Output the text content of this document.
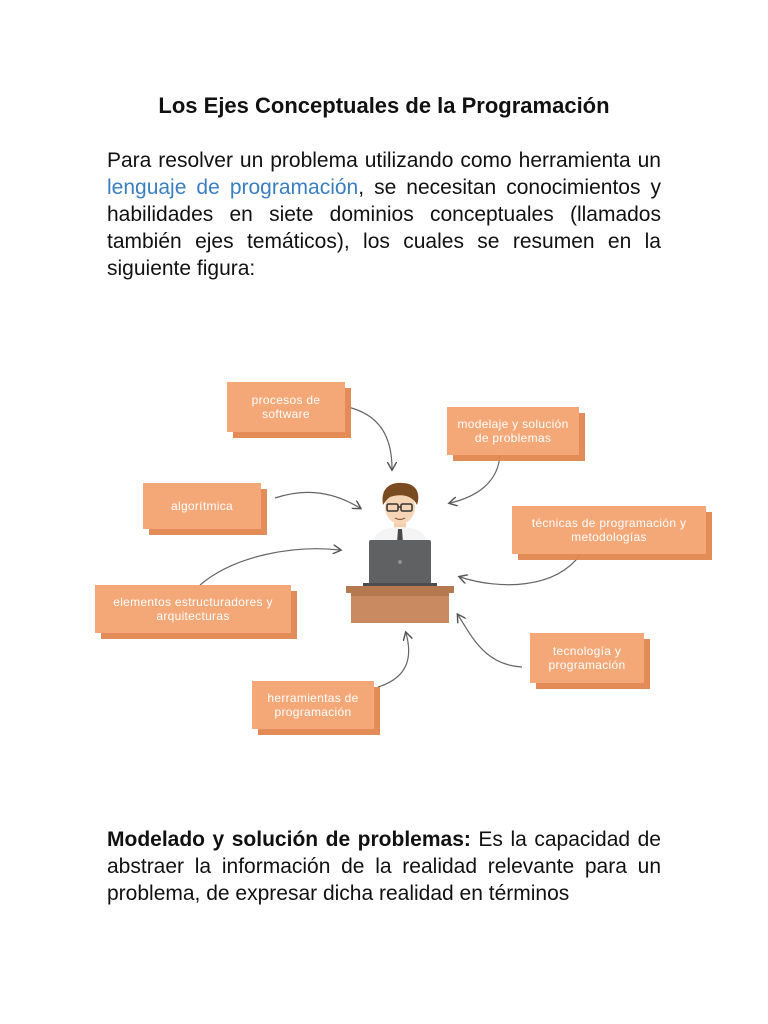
Los Ejes Conceptuales de la Programación

Para resolver un problema utilizando como herramienta un lenguaje de programación, se necesitan conocimientos y habilidades en siete dominios conceptuales (llamados también ejes temáticos), los cuales se resumen en la siguiente figura:

procesos de software
modelaje y solución de problemas
algorítmica
técnicas de programación y metodologías
elementos estructuradores y arquitecturas
tecnología y programación
herramientas de programación

Modelado y solución de problemas: Es la capacidad de abstraer la información de la realidad relevante para un problema, de expresar dicha realidad en términos
